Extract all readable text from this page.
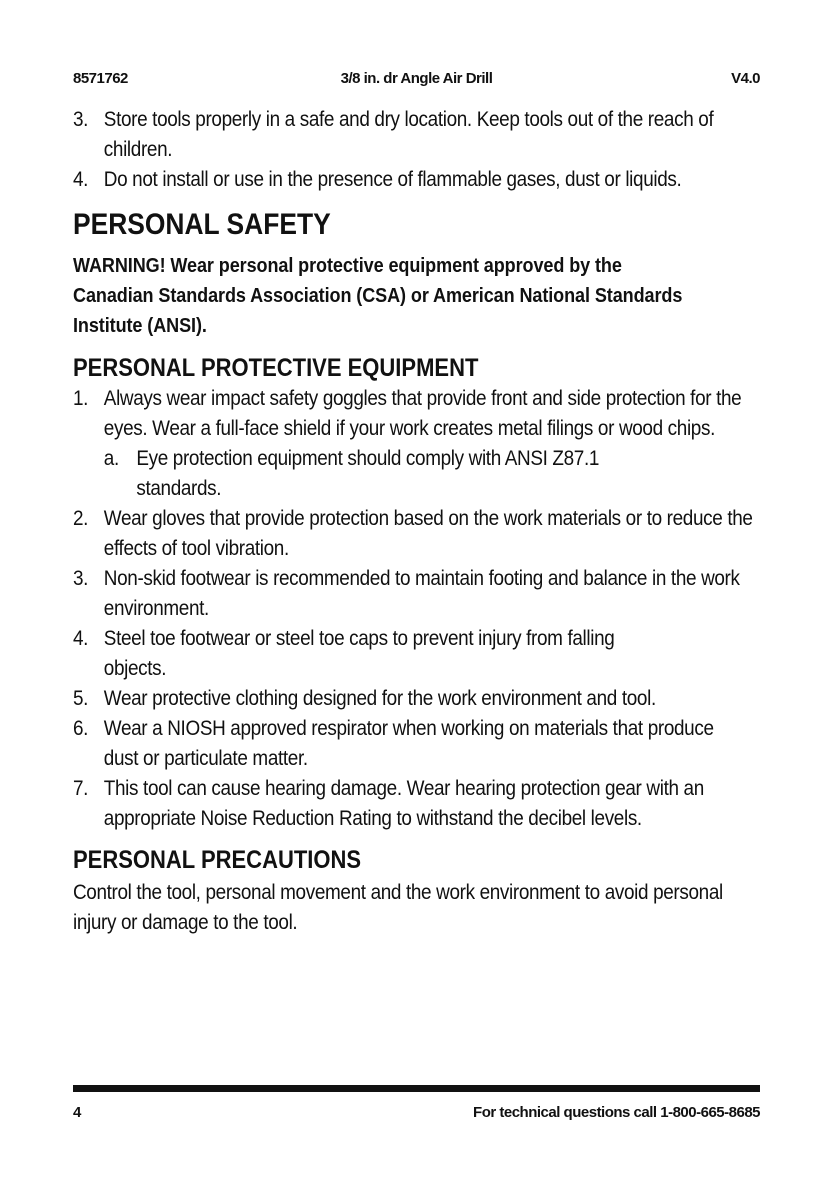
8571762	3/8 in. dr Angle Air Drill	V4.0
3. Store tools properly in a safe and dry location. Keep tools out of the reach of children.
4. Do not install or use in the presence of flammable gases, dust or liquids.
PERSONAL SAFETY
WARNING! Wear personal protective equipment approved by the Canadian Standards Association (CSA) or American National Standards Institute (ANSI).
PERSONAL PROTECTIVE EQUIPMENT
1. Always wear impact safety goggles that provide front and side protection for the eyes. Wear a full-face shield if your work creates metal filings or wood chips.
a. Eye protection equipment should comply with ANSI Z87.1 standards.
2. Wear gloves that provide protection based on the work materials or to reduce the effects of tool vibration.
3. Non-skid footwear is recommended to maintain footing and balance in the work environment.
4. Steel toe footwear or steel toe caps to prevent injury from falling objects.
5. Wear protective clothing designed for the work environment and tool.
6. Wear a NIOSH approved respirator when working on materials that produce dust or particulate matter.
7. This tool can cause hearing damage. Wear hearing protection gear with an appropriate Noise Reduction Rating to withstand the decibel levels.
PERSONAL PRECAUTIONS
Control the tool, personal movement and the work environment to avoid personal injury or damage to the tool.
4	For technical questions call 1-800-665-8685
